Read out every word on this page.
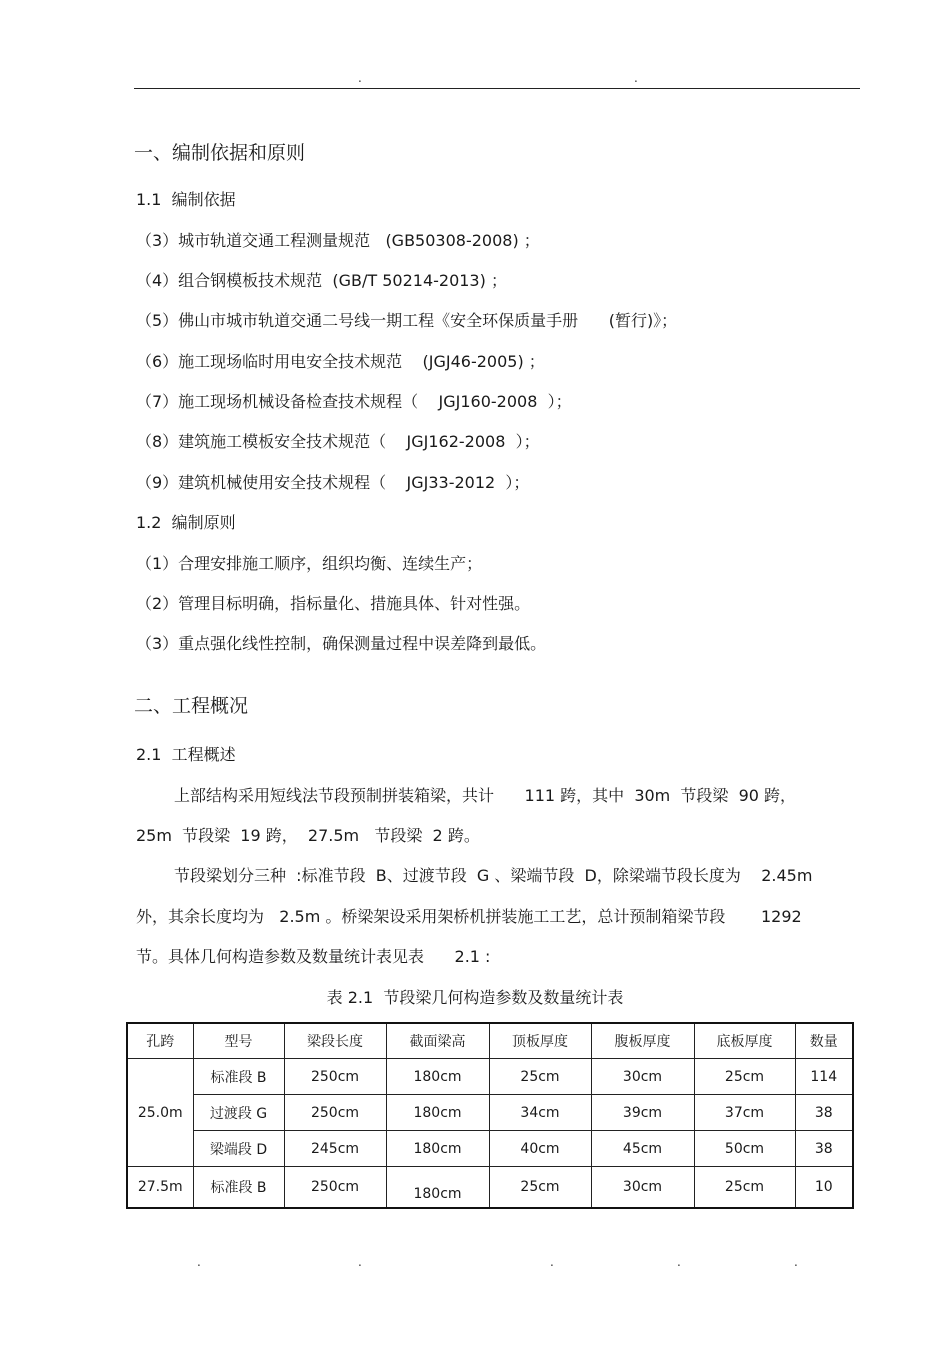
.	.
一、编制依据和原则
1.1  编制依据
（3）城市轨道交通工程测量规范   (GB50308-2008) ；
（4）组合钢模板技术规范  (GB/T 50214-2013) ；
（5）佛山市城市轨道交通二号线一期工程《安全环保质量手册      (暂行)》；
（6）施工现场临时用电安全技术规范    (JGJ46-2005) ；
（7）施工现场机械设备检查技术规程（    JGJ160-2008  ）；
（8）建筑施工模板安全技术规范（    JGJ162-2008  ）；
（9）建筑机械使用安全技术规程（    JGJ33-2012  ）；
1.2  编制原则
（1）合理安排施工顺序，组织均衡、连续生产；
（2）管理目标明确，指标量化、措施具体、针对性强。
（3）重点强化线性控制，确保测量过程中误差降到最低。
二、工程概况
2.1  工程概述
上部结构采用短线法节段预制拼装箱梁，共计      111 跨，其中  30m  节段梁  90 跨，
25m  节段梁  19 跨，  27.5m   节段梁  2 跨。
节段梁划分三种  :标准节段  B、过渡节段  G 、梁端节段  D，除梁端节段长度为    2.45m
外，其余长度均为   2.5m 。桥梁架设采用架桥机拼装施工工艺，总计预制箱梁节段       1292
节。具体几何构造参数及数量统计表见表      2.1 :
表 2.1  节段梁几何构造参数及数量统计表
孔跨	型号	梁段长度	截面梁高	顶板厚度	腹板厚度	底板厚度	数量
25.0m	标准段 B	250cm	180cm	25cm	30cm	25cm	114
	过渡段 G	250cm	180cm	34cm	39cm	37cm	38
	梁端段 D	245cm	180cm	40cm	45cm	50cm	38
27.5m	标准段 B	250cm	180cm	25cm	30cm	25cm	10
.	.	.	.	.
